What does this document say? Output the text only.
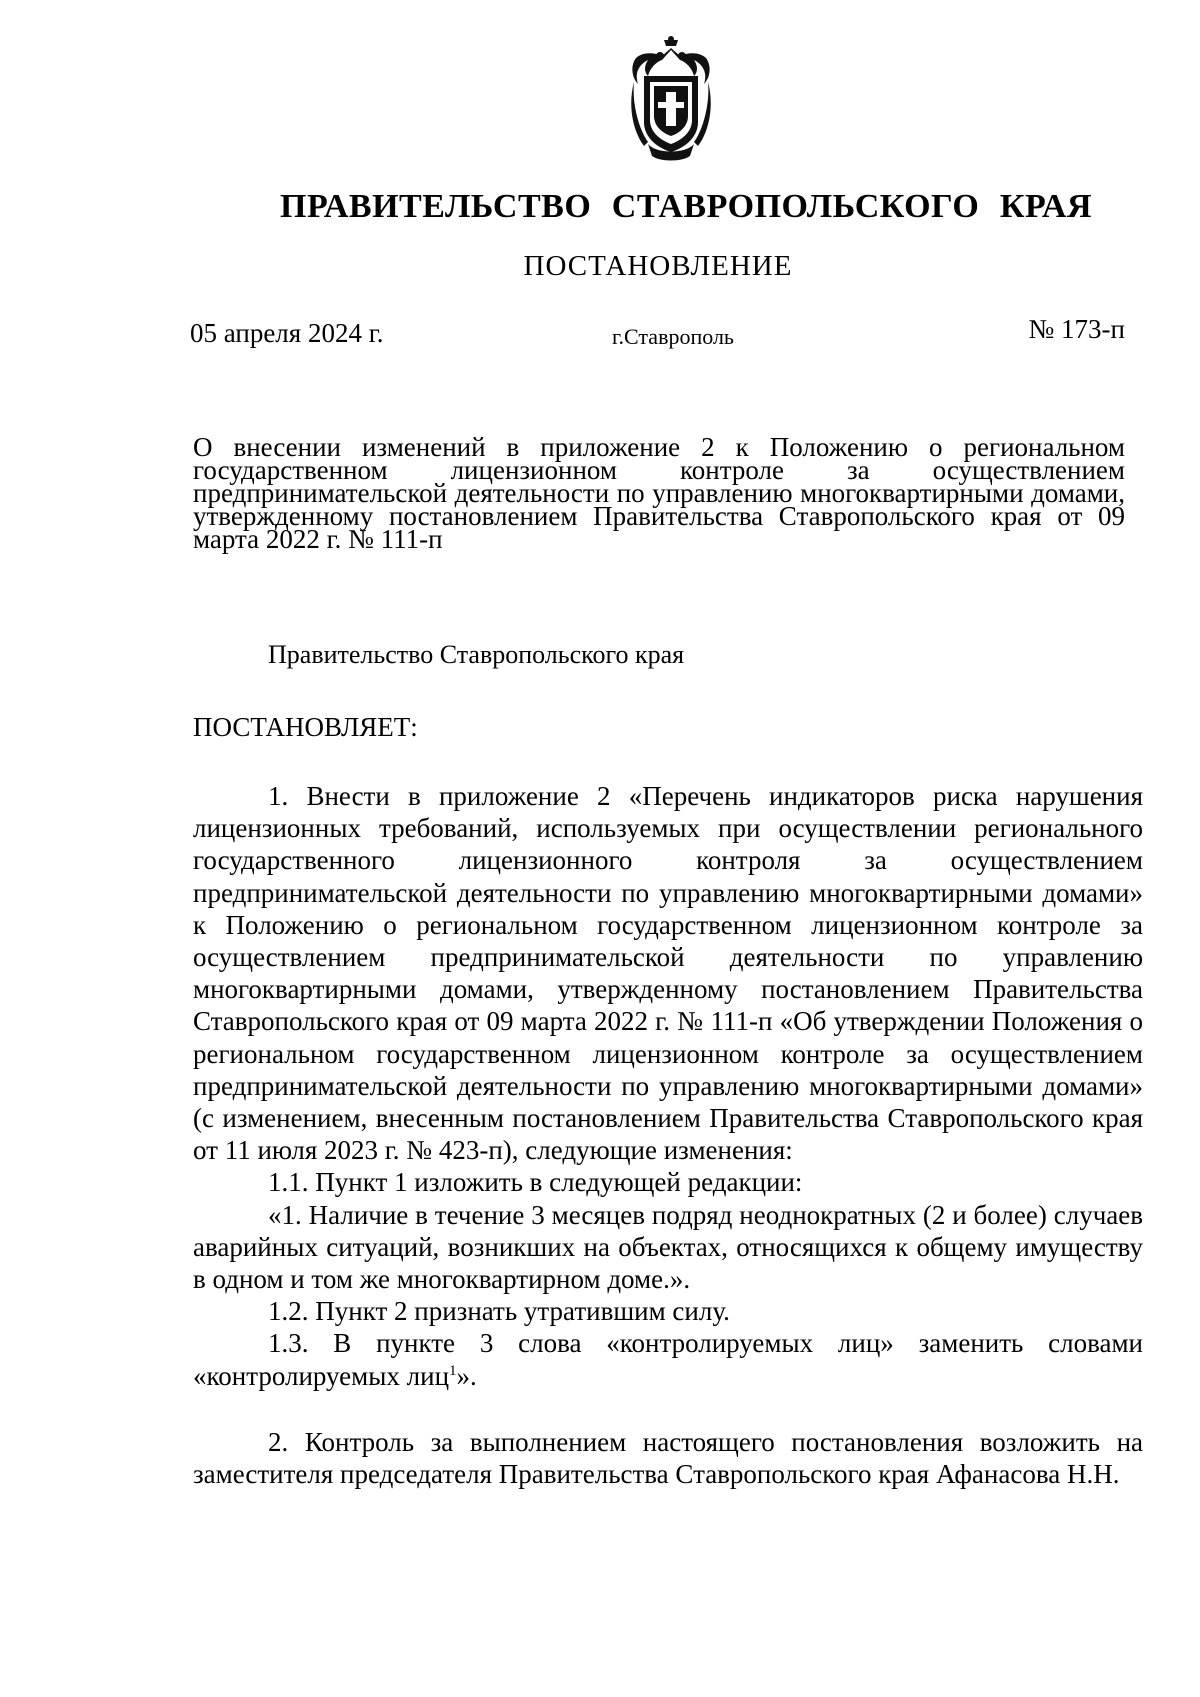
ПРАВИТЕЛЬСТВО СТАВРОПОЛЬСКОГО КРАЯ
ПОСТАНОВЛЕНИЕ
05 апреля 2024 г.	г.Ставрополь	№ 173-п
О внесении изменений в приложение 2 к Положению о региональном государственном лицензионном контроле за осуществлением предпринимательской деятельности по управлению многоквартирными домами, утвержденному постановлением Правительства Ставропольского края от 09 марта 2022 г. № 111-п
Правительство Ставропольского края
ПОСТАНОВЛЯЕТ:

1. Внести в приложение 2 «Перечень индикаторов риска нарушения лицензионных требований, используемых при осуществлении регионального государственного лицензионного контроля за осуществлением предпринимательской деятельности по управлению многоквартирными домами» к Положению о региональном государственном лицензионном контроле за осуществлением предпринимательской деятельности по управлению многоквартирными домами, утвержденному постановлением Правительства Ставропольского края от 09 марта 2022 г. № 111-п «Об утверждении Положения о региональном государственном лицензионном контроле за осуществлением предпринимательской деятельности по управлению многоквартирными домами» (с изменением, внесенным постановлением Правительства Ставропольского края от 11 июля 2023 г. № 423-п), следующие изменения:

1.1. Пункт 1 изложить в следующей редакции:

«1. Наличие в течение 3 месяцев подряд неоднократных (2 и более) случаев аварийных ситуаций, возникших на объектах, относящихся к общему имуществу в одном и том же многоквартирном доме.».

1.2. Пункт 2 признать утратившим силу.

1.3. В пункте 3 слова «контролируемых лиц» заменить словами «контролируемых лиц$^1$».

2. Контроль за выполнением настоящего постановления возложить на заместителя председателя Правительства Ставропольского края Афанасова Н.Н.
